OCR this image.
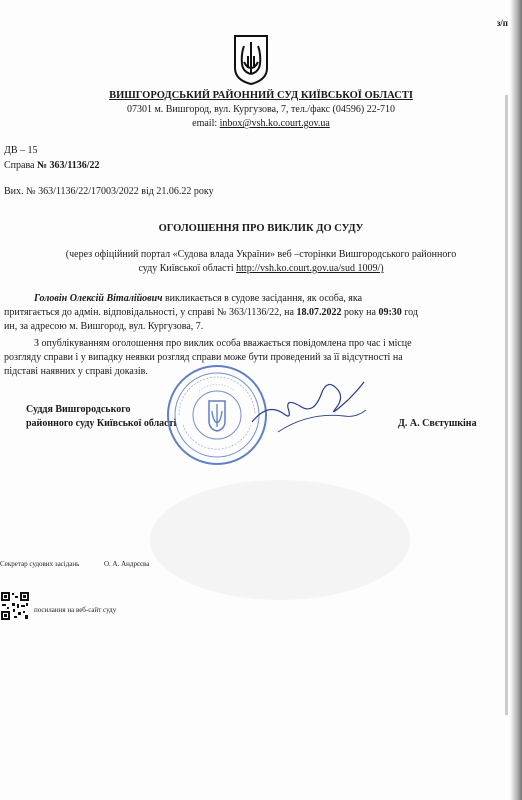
з/п
ВИШГОРОДСЬКИЙ РАЙОННИЙ СУД КИЇВСЬКОЇ ОБЛАСТІ
07301 м. Вишгород, вул. Кургузова, 7, тел./факс (04596) 22-710
email: inbox@vsh.ko.court.gov.ua
ДВ – 15
Справа № 363/1136/22
Вих. № 363/1136/22/17003/2022 від 21.06.22 року
ОГОЛОШЕННЯ ПРО ВИКЛИК ДО СУДУ
(через офіційний портал «Судова влада України» веб –сторінки Вишгородського районного
суду Київської області http://vsh.ko.court.gov.ua/sud 1009/)
Головін Олексій Віталійович викликається в судове засідання, як особа, яка
притягається до адмін. відповідальності, у справі № 363/1136/22, на 18.07.2022 року на 09:30 год
ин, за адресою м. Вишгород, вул. Кургузова, 7.
З опублікуванням оголошення про виклик особа вважається повідомлена про час і місце
розгляду справи і у випадку неявки розгляд справи може бути проведений за її відсутності на
підставі наявних у справі доказів.
Суддя Вишгородського
районного суду Київської області	Д. А. Свєтушкіна
Секретар судових засідань	О. А. Андрєєва
посилання на веб-сайт суду
